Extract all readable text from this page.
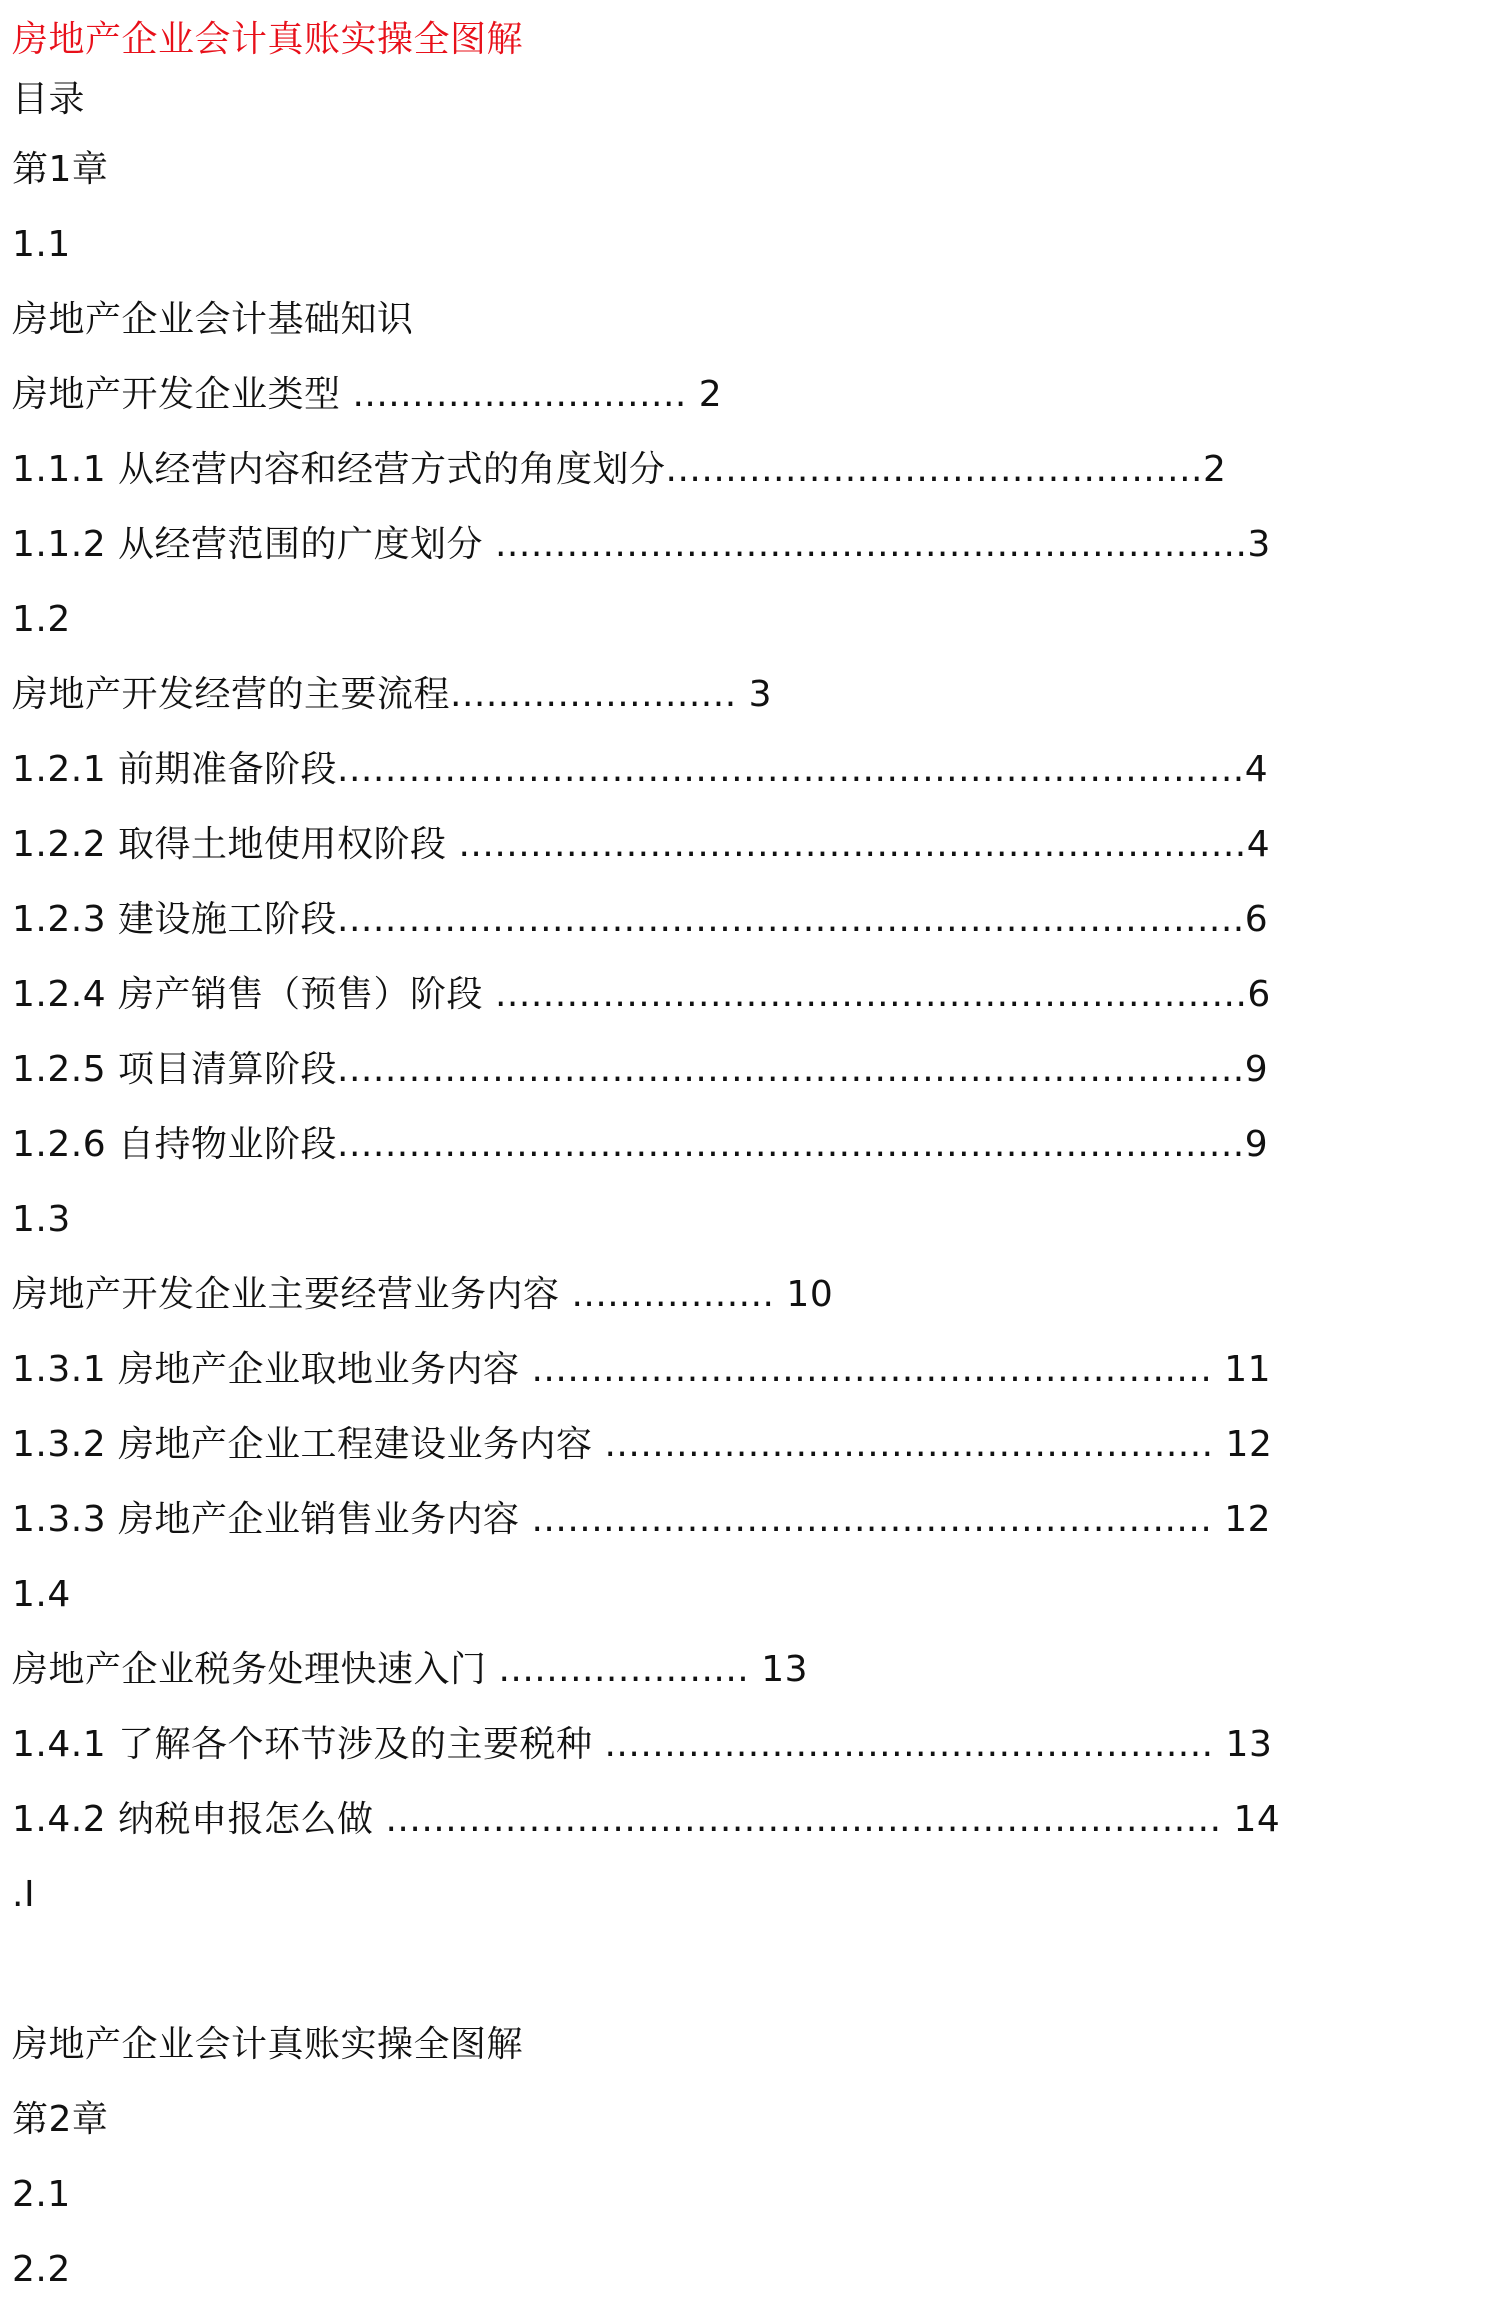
房地产企业会计真账实操全图解
目录
第1章
1.1
房地产企业会计基础知识
房地产开发企业类型 ............................ 2
1.1.1 从经营内容和经营方式的角度划分.............................................2
1.1.2 从经营范围的广度划分 ...............................................................3
1.2
房地产开发经营的主要流程........................ 3
1.2.1 前期准备阶段............................................................................4
1.2.2 取得土地使用权阶段 ..................................................................4
1.2.3 建设施工阶段............................................................................6
1.2.4 房产销售（预售）阶段 ...............................................................6
1.2.5 项目清算阶段............................................................................9
1.2.6 自持物业阶段............................................................................9
1.3
房地产开发企业主要经营业务内容 ................. 10
1.3.1 房地产企业取地业务内容 ......................................................... 11
1.3.2 房地产企业工程建设业务内容 ................................................... 12
1.3.3 房地产企业销售业务内容 ......................................................... 12
1.4
房地产企业税务处理快速入门 ..................... 13
1.4.1 了解各个环节涉及的主要税种 ................................................... 13
1.4.2 纳税申报怎么做 ...................................................................... 14
.I
房地产企业会计真账实操全图解
第2章
2.1
2.2
